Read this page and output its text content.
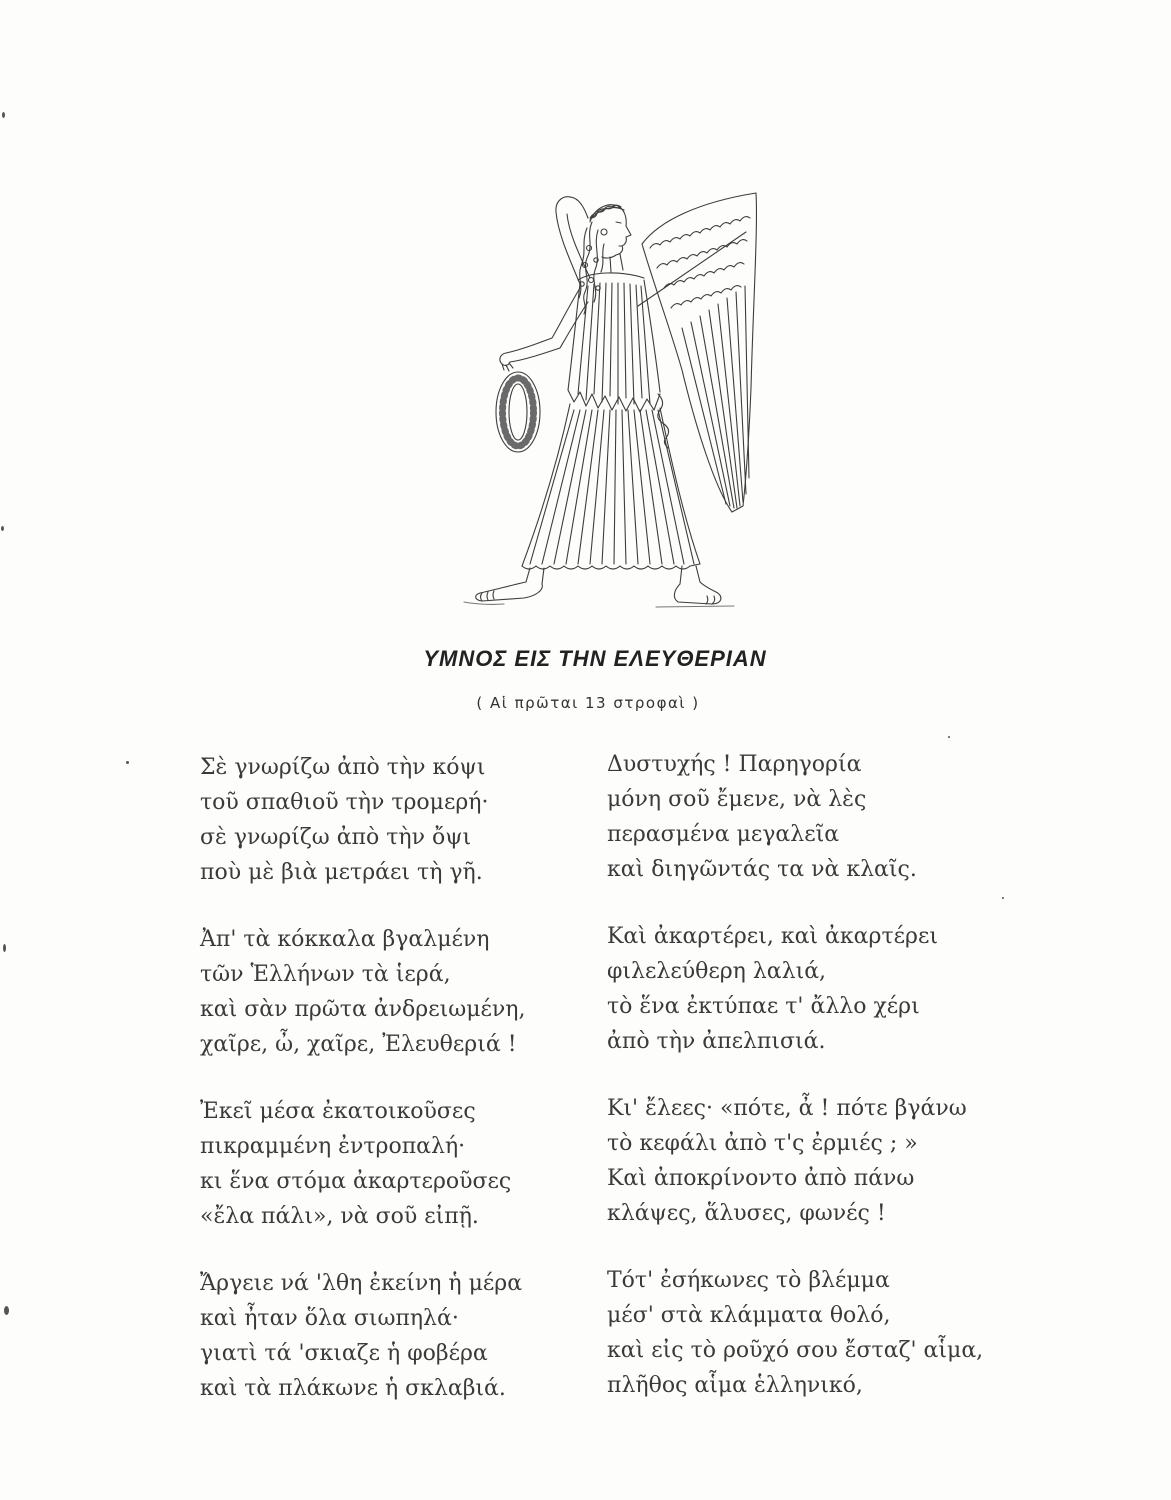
ΥΜΝΟΣ ΕΙΣ ΤΗΝ ΕΛΕΥΘΕΡΙΑΝ
( Αἱ πρῶται 13 στροφαὶ )
Σὲ γνωρίζω ἀπὸ τὴν κόψι
τοῦ σπαθιοῦ τὴν τρομερή·
σὲ γνωρίζω ἀπὸ τὴν ὄψι
ποὺ μὲ βιὰ μετράει τὴ γῆ.
Ἀπ' τὰ κόκκαλα βγαλμένη
τῶν Ἑλλήνων τὰ ἱερά,
καὶ σὰν πρῶτα ἀνδρειωμένη,
χαῖρε, ὦ, χαῖρε, Ἐλευθεριά !
Ἐκεῖ μέσα ἐκατοικοῦσες
πικραμμένη ἐντροπαλή·
κι ἕνα στόμα ἀκαρτεροῦσες
«ἔλα πάλι», νὰ σοῦ εἰπῇ.
Ἄργειε νά 'λθη ἐκείνη ἡ μέρα
καὶ ἦταν ὅλα σιωπηλά·
γιατὶ τά 'σκιαζε ἡ φοβέρα
καὶ τὰ πλάκωνε ἡ σκλαβιά.
Δυστυχής ! Παρηγορία
μόνη σοῦ ἔμενε, νὰ λὲς
περασμένα μεγαλεῖα
καὶ διηγῶντάς τα νὰ κλαῖς.
Καὶ ἀκαρτέρει, καὶ ἀκαρτέρει
φιλελεύθερη λαλιά,
τὸ ἕνα ἐκτύπαε τ' ἄλλο χέρι
ἀπὸ τὴν ἀπελπισιά.
Κι' ἔλεες· «πότε, ἆ ! πότε βγάνω
τὸ κεφάλι ἀπὸ τ'ς ἐρμιές ; »
Καὶ ἀποκρίνοντο ἀπὸ πάνω
κλάψες, ἅλυσες, φωνές !
Τότ' ἐσήκωνες τὸ βλέμμα
μέσ' στὰ κλάμματα θολό,
καὶ εἰς τὸ ροῦχό σου ἔσταζ' αἷμα,
πλῆθος αἷμα ἑλληνικό,
